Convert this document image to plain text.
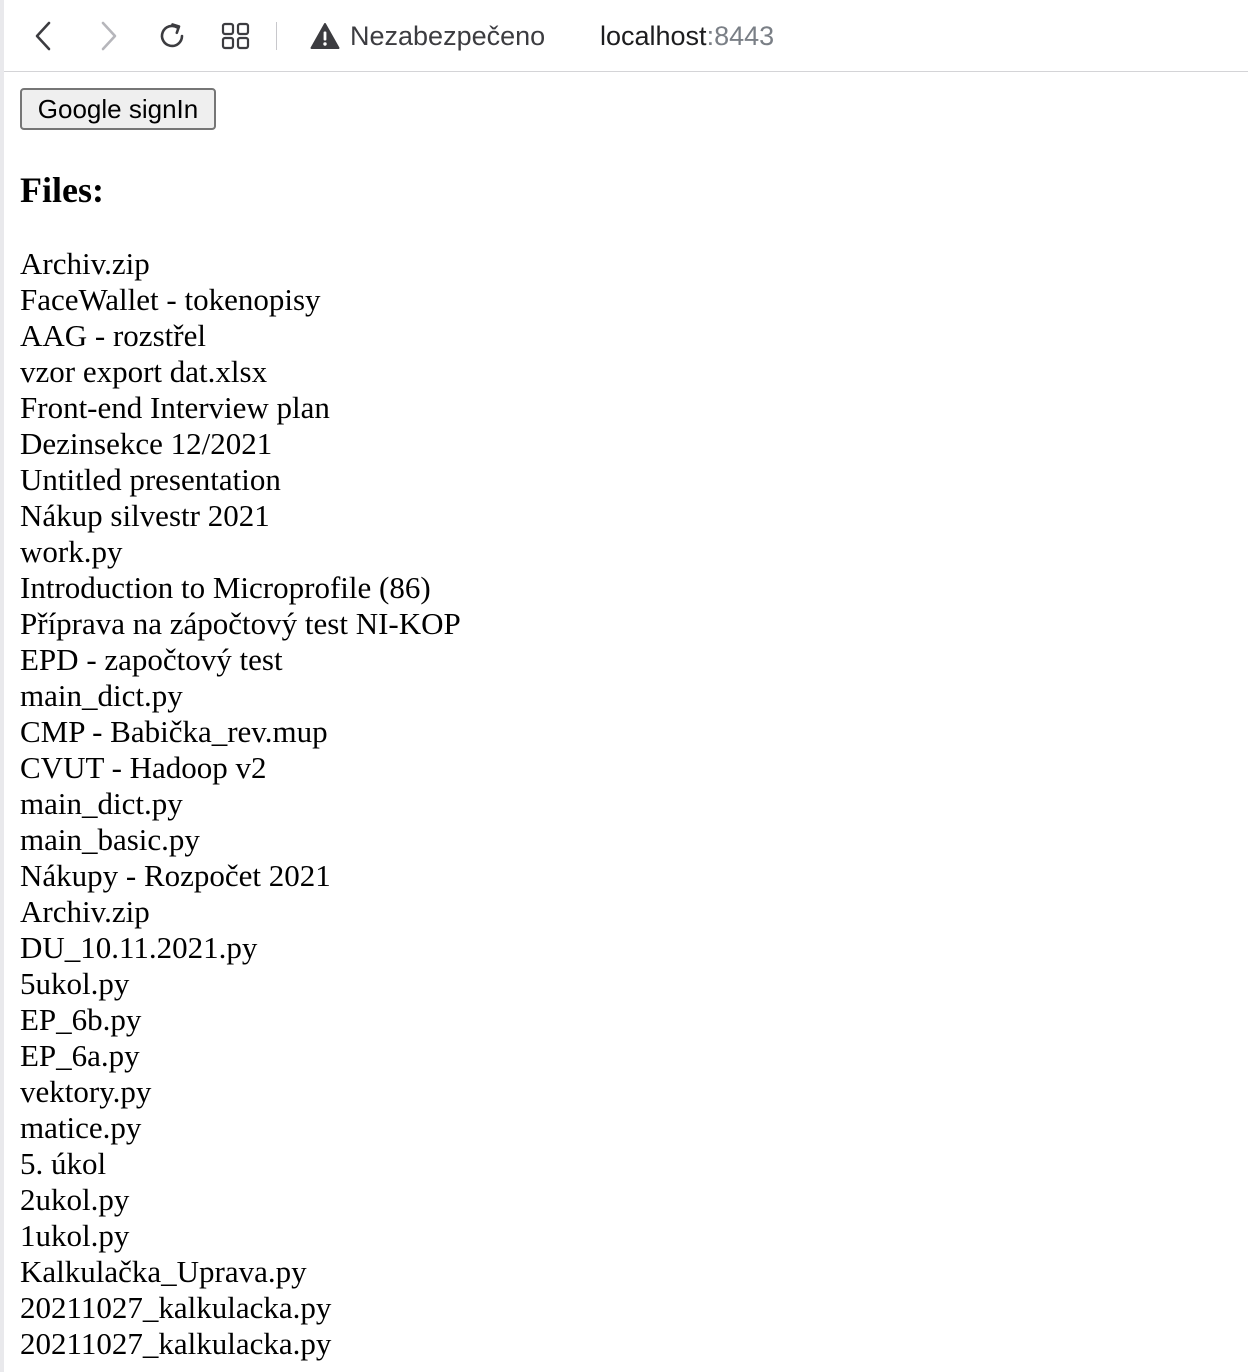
Nezabezpečeno localhost :8443
Google signIn
Files:
Archiv.zip
FaceWallet - tokenopisy
AAG - rozstřel
vzor export dat.xlsx
Front-end Interview plan
Dezinsekce 12/2021
Untitled presentation
Nákup silvestr 2021
work.py
Introduction to Microprofile (86)
Příprava na zápočtový test NI-KOP
EPD - započtový test
main_dict.py
CMP - Babička_rev.mup
CVUT - Hadoop v2
main_dict.py
main_basic.py
Nákupy - Rozpočet 2021
Archiv.zip
DU_10.11.2021.py
5ukol.py
EP_6b.py
EP_6a.py
vektory.py
matice.py
5. úkol
2ukol.py
1ukol.py
Kalkulačka_Uprava.py
20211027_kalkulacka.py
20211027_kalkulacka.py
